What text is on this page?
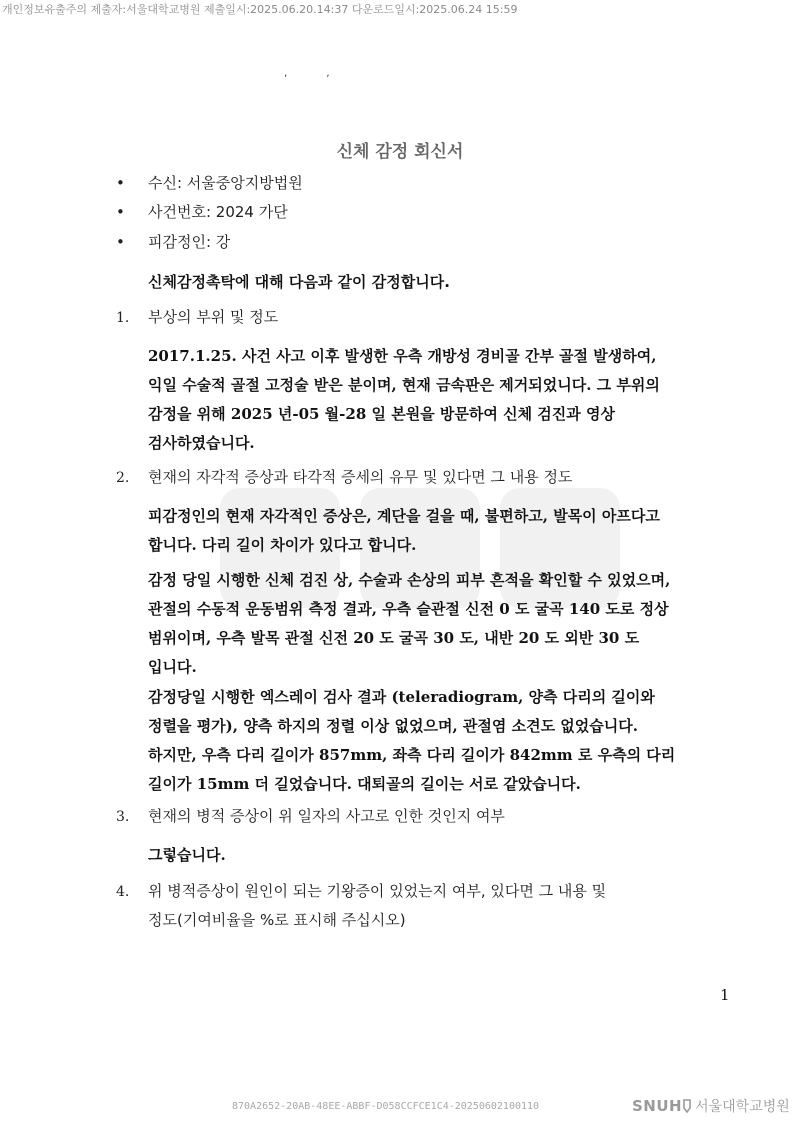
개인정보유출주의 제출자:서울대학교병원 제출일시:2025.06.20.14:37 다운로드일시:2025.06.24 15:59
,	,
신체 감정 회신서
• 수신: 서울중앙지방법원
• 사건번호: 2024 가단
• 피감정인: 강
신체감정촉탁에 대해 다음과 같이 감정합니다.
1. 부상의 부위 및 정도

2017.1.25. 사건 사고 이후 발생한 우측 개방성 경비골 간부 골절 발생하여,

익일 수술적 골절 고정술 받은 분이며, 현재 금속판은 제거되었니다. 그 부위의

감정을 위해 2025 년-05 월-28 일 본원을 방문하여 신체 검진과 영상

검사하였습니다.

2. 현재의 자각적 증상과 타각적 증세의 유무 및 있다면 그 내용 정도

피감정인의 현재 자각적인 증상은, 계단을 걸을 때, 불편하고, 발목이 아프다고

합니다. 다리 길이 차이가 있다고 합니다.

감정 당일 시행한 신체 검진 상, 수술과 손상의 피부 흔적을 확인할 수 있었으며,

관절의 수동적 운동범위 측정 결과, 우측 슬관절 신전 0 도 굴곡 140 도로 정상

범위이며, 우측 발목 관절 신전 20 도 굴곡 30 도, 내반 20 도 외반 30 도

입니다.

감정당일 시행한 엑스레이 검사 결과 (teleradiogram, 양측 다리의 길이와

정렬을 평가), 양측 하지의 정렬 이상 없었으며, 관절염 소견도 없었습니다.

하지만, 우측 다리 길이가 857mm, 좌측 다리 길이가 842mm 로 우측의 다리

길이가 15mm 더 길었습니다. 대퇴골의 길이는 서로 같았습니다.

3. 현재의 병적 증상이 위 일자의 사고로 인한 것인지 여부

그렇습니다.

4. 위 병적증상이 원인이 되는 기왕증이 있었는지 여부, 있다면 그 내용 및
정도(기여비율을 %로 표시해 주십시오)
1
870A2652-20AB-48EE-ABBF-D058CCFCE1C4-20250602100110	SNUH 서울대학교병원
